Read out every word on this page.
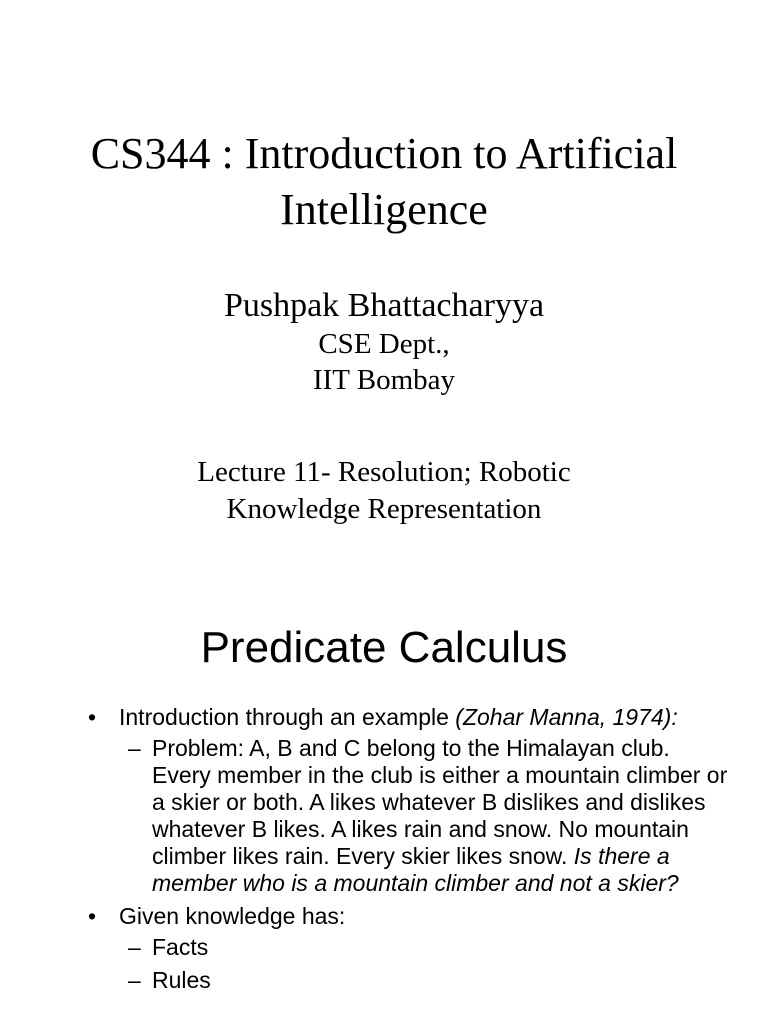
CS344 : Introduction to Artificial
Intelligence
Pushpak Bhattacharyya
CSE Dept.,
IIT Bombay
Lecture 11- Resolution; Robotic
Knowledge Representation
Predicate Calculus
• Introduction through an example (Zohar Manna, 1974):
– Problem: A, B and C belong to the Himalayan club. Every member in the club is either a mountain climber or a skier or both. A likes whatever B dislikes and dislikes whatever B likes. A likes rain and snow. No mountain climber likes rain. Every skier likes snow. Is there a member who is a mountain climber and not a skier?
• Given knowledge has:
– Facts
– Rules
